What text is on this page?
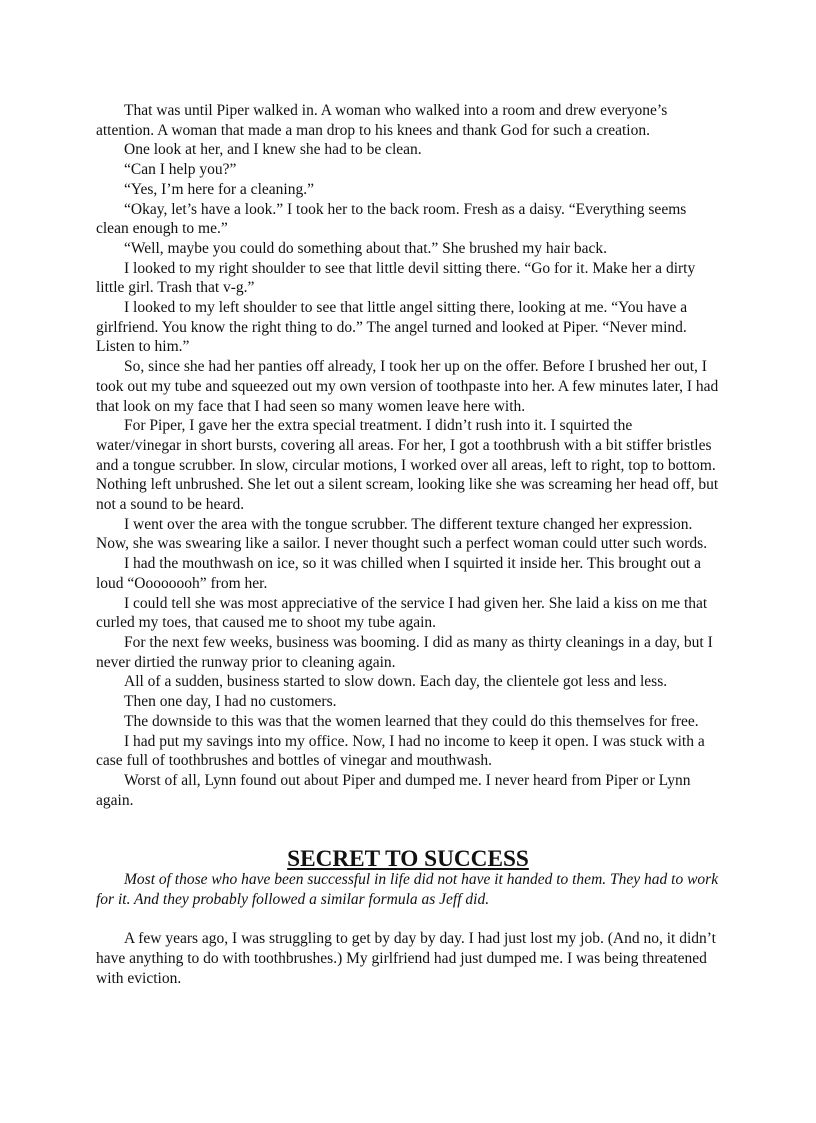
That was until Piper walked in. A woman who walked into a room and drew everyone’s attention. A woman that made a man drop to his knees and thank God for such a creation.

One look at her, and I knew she had to be clean.

“Can I help you?”

“Yes, I’m here for a cleaning.”

“Okay, let’s have a look.” I took her to the back room. Fresh as a daisy. “Everything seems clean enough to me.”

“Well, maybe you could do something about that.” She brushed my hair back.

I looked to my right shoulder to see that little devil sitting there. “Go for it. Make her a dirty little girl. Trash that v-g.”

I looked to my left shoulder to see that little angel sitting there, looking at me. “You have a girlfriend. You know the right thing to do.” The angel turned and looked at Piper. “Never mind. Listen to him.”

So, since she had her panties off already, I took her up on the offer. Before I brushed her out, I took out my tube and squeezed out my own version of toothpaste into her. A few minutes later, I had that look on my face that I had seen so many women leave here with.

For Piper, I gave her the extra special treatment. I didn’t rush into it. I squirted the water/vinegar in short bursts, covering all areas. For her, I got a toothbrush with a bit stiffer bristles and a tongue scrubber. In slow, circular motions, I worked over all areas, left to right, top to bottom. Nothing left unbrushed. She let out a silent scream, looking like she was screaming her head off, but not a sound to be heard.

I went over the area with the tongue scrubber. The different texture changed her expression. Now, she was swearing like a sailor. I never thought such a perfect woman could utter such words.

I had the mouthwash on ice, so it was chilled when I squirted it inside her. This brought out a loud “Oooooooh” from her.

I could tell she was most appreciative of the service I had given her. She laid a kiss on me that curled my toes, that caused me to shoot my tube again.

For the next few weeks, business was booming. I did as many as thirty cleanings in a day, but I never dirtied the runway prior to cleaning again.

All of a sudden, business started to slow down. Each day, the clientele got less and less.

Then one day, I had no customers.

The downside to this was that the women learned that they could do this themselves for free.

I had put my savings into my office. Now, I had no income to keep it open. I was stuck with a case full of toothbrushes and bottles of vinegar and mouthwash.

Worst of all, Lynn found out about Piper and dumped me. I never heard from Piper or Lynn again.

SECRET TO SUCCESS

Most of those who have been successful in life did not have it handed to them. They had to work for it. And they probably followed a similar formula as Jeff did.

A few years ago, I was struggling to get by day by day. I had just lost my job. (And no, it didn’t have anything to do with toothbrushes.) My girlfriend had just dumped me. I was being threatened with eviction.
